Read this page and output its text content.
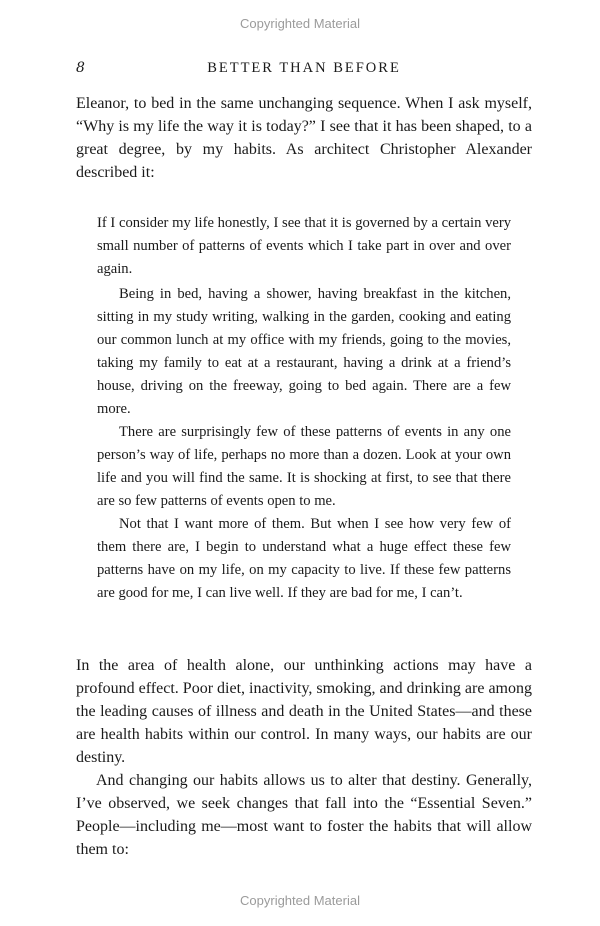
Copyrighted Material
8	BETTER THAN BEFORE

Eleanor, to bed in the same unchanging sequence. When I ask myself, “Why is my life the way it is today?” I see that it has been shaped, to a great degree, by my habits. As architect Christopher Alexander described it:

If I consider my life honestly, I see that it is governed by a certain very small number of patterns of events which I take part in over and over again.

Being in bed, having a shower, having breakfast in the kitchen, sitting in my study writing, walking in the garden, cooking and eating our common lunch at my office with my friends, going to the movies, taking my family to eat at a restaurant, having a drink at a friend’s house, driving on the freeway, going to bed again. There are a few more.

There are surprisingly few of these patterns of events in any one person’s way of life, perhaps no more than a dozen. Look at your own life and you will find the same. It is shocking at first, to see that there are so few patterns of events open to me.

Not that I want more of them. But when I see how very few of them there are, I begin to understand what a huge effect these few patterns have on my life, on my capacity to live. If these few patterns are good for me, I can live well. If they are bad for me, I can’t.

In the area of health alone, our unthinking actions may have a profound effect. Poor diet, inactivity, smoking, and drinking are among the leading causes of illness and death in the United States—and these are health habits within our control. In many ways, our habits are our destiny.

And changing our habits allows us to alter that destiny. Generally, I’ve observed, we seek changes that fall into the “Essential Seven.” People—including me—most want to foster the habits that will allow them to:

Copyrighted Material
